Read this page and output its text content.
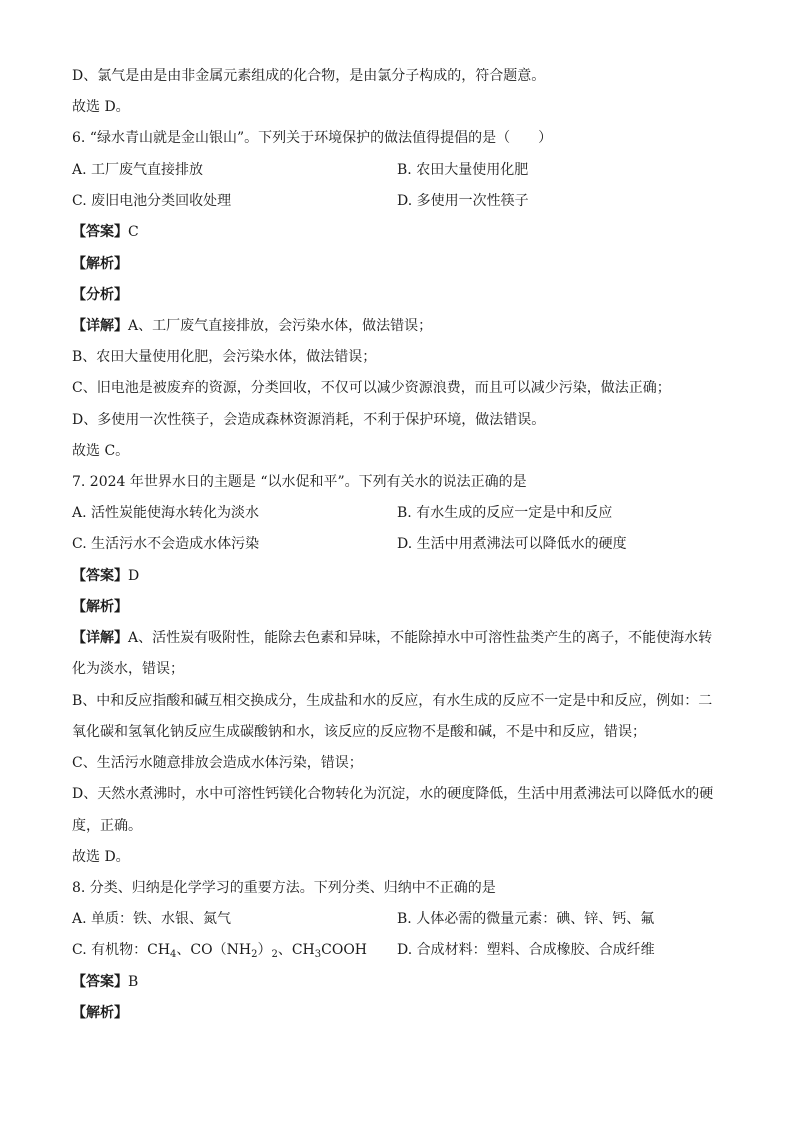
D、氯气是由是由非金属元素组成的化合物，是由氯分子构成的，符合题意。
故选 D。
6. “绿水青山就是金山银山”。下列关于环境保护的做法值得提倡的是（　　）
A. 工厂废气直接排放	B. 农田大量使用化肥
C. 废旧电池分类回收处理	D. 多使用一次性筷子
【答案】C
【解析】
【分析】
【详解】A、工厂废气直接排放，会污染水体，做法错误；
B、农田大量使用化肥，会污染水体，做法错误；
C、旧电池是被废弃的资源，分类回收，不仅可以减少资源浪费，而且可以减少污染，做法正确；
D、多使用一次性筷子，会造成森林资源消耗，不利于保护环境，做法错误。
故选 C。
7. 2024 年世界水日的主题是 “以水促和平”。下列有关水的说法正确的是
A. 活性炭能使海水转化为淡水	B. 有水生成的反应一定是中和反应
C. 生活污水不会造成水体污染	D. 生活中用煮沸法可以降低水的硬度
【答案】D
【解析】
【详解】A、活性炭有吸附性，能除去色素和异味，不能除掉水中可溶性盐类产生的离子，不能使海水转
化为淡水，错误；
B、中和反应指酸和碱互相交换成分，生成盐和水的反应，有水生成的反应不一定是中和反应，例如：二
氧化碳和氢氧化钠反应生成碳酸钠和水，该反应的反应物不是酸和碱，不是中和反应，错误；
C、生活污水随意排放会造成水体污染，错误；
D、天然水煮沸时，水中可溶性钙镁化合物转化为沉淀，水的硬度降低，生活中用煮沸法可以降低水的硬
度，正确。
故选 D。
8. 分类、归纳是化学学习的重要方法。下列分类、归纳中不正确的是
A. 单质：铁、水银、氮气	B. 人体必需的微量元素：碘、锌、钙、氟
C. 有机物：$CH_4$、$CO(NH_2)_2$、$CH_3COOH$ D. 合成材料：塑料、合成橡胶、合成纤维
【答案】B
【解析】
